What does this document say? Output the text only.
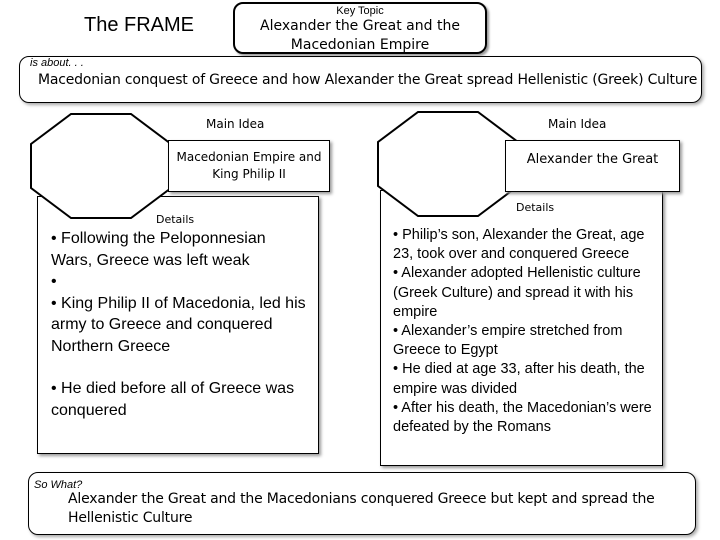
The FRAME
Key Topic
Alexander the Great and the Macedonian Empire
is about. . .
Macedonian conquest of Greece and how Alexander the Great spread Hellenistic (Greek) Culture
Main Idea
Macedonian Empire and King Philip II
Details

• Following the Peloponnesian Wars, Greece was left weak

•

• King Philip II of Macedonia, led his army to Greece and conquered Northern Greece

• He died before all of Greece was conquered

Main Idea
Alexander the Great
Details

• Philip’s son, Alexander the Great, age 23, took over and conquered Greece

• Alexander adopted Hellenistic culture (Greek Culture) and spread it with his empire

• Alexander’s empire stretched from Greece to Egypt

• He died at age 33, after his death, the empire was divided

• After his death, the Macedonian’s were defeated by the Romans

So What?
Alexander the Great and the Macedonians conquered Greece but kept and spread the Hellenistic Culture
